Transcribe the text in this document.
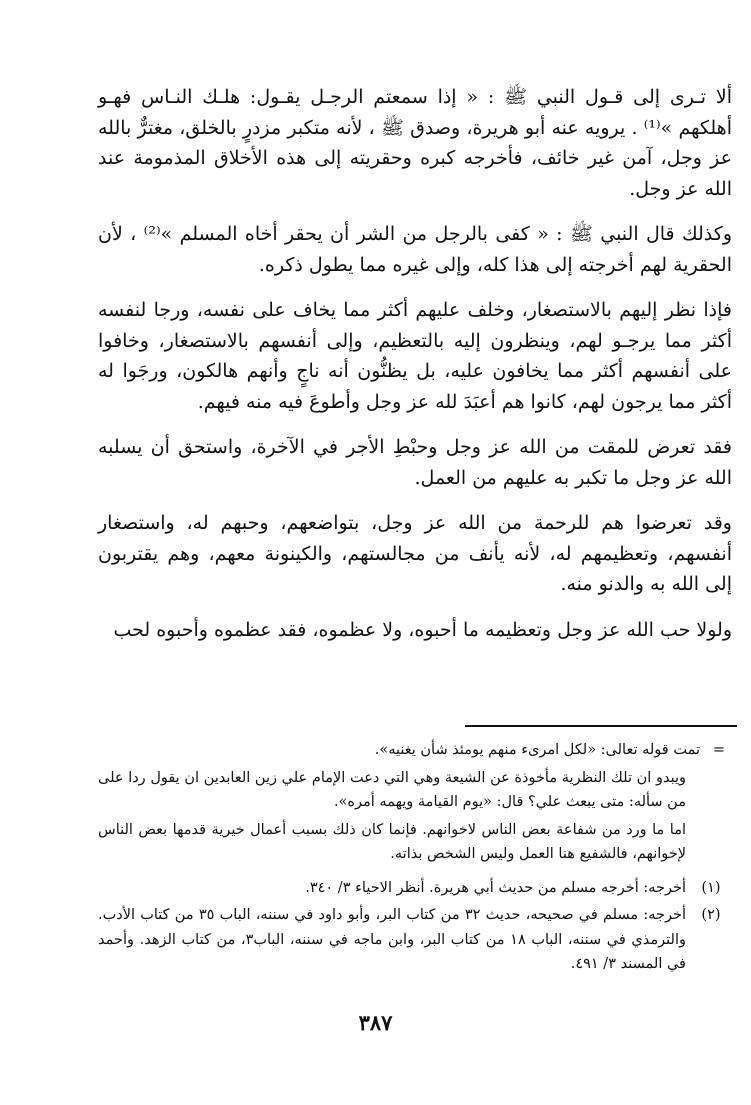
ألا تـرى إلى قـول النبي ﷺ : « إذا سمعتم الرجـل يقـول: هلـك النـاس فهـو أهلكهم »⁽¹⁾ . يرويه عنه أبو هريرة، وصدق ﷺ ، لأنه متكبر مزدرٍ بالخلق، مغترٌّ بالله عز وجل، آمن غير خائف، فأخرجه كبره وحقريته إلى هذه الأخلاق المذمومة عند الله عز وجل.

وكذلك قال النبي ﷺ : « كفى بالرجل من الشر أن يحقر أخاه المسلم »⁽²⁾ ، لأن الحقرية لهم أخرجته إلى هذا كله، وإلى غيره مما يطول ذكره.

فإذا نظر إليهم بالاستصغار، وخلف عليهم أكثر مما يخاف على نفسه، ورجا لنفسه أكثر مما يرجـو لهم، وينظرون إليه بالتعظيم، وإلى أنفسهم بالاستصغار، وخافوا على أنفسهم أكثر مما يخافون عليه، بل يظنُّون أنه ناجٍ وأنهم هالكون، ورجَوا له أكثر مما يرجون لهم، كانوا هم أعبَدَ لله عز وجل وأطوعَ فيه منه فيهم.

فقد تعرض للمقت من الله عز وجل وحبْطِ الأجر في الآخرة، واستحق أن يسلبه الله عز وجل ما تكبر به عليهم من العمل.

وقد تعرضوا هم للرحمة من الله عز وجل، بتواضعهم، وحبهم له، واستصغار أنفسهم، وتعظيمهم له، لأنه يأنف من مجالستهم، والكينونة معهم، وهم يقتربون إلى الله به والدنو منه.

ولولا حب الله عز وجل وتعظيمه ما أحبوه، ولا عظموه، فقد عظموه وأحبوه لحب

=
تمت قوله تعالى: «لكل امرىء منهم يومئذ شأن يغنيه».
ويبدو ان تلك النظرية مأخوذة عن الشيعة وهي التي دعت الإمام علي زين العابدين ان يقول ردا على من سأله: متى يبعث علي؟ قال: «يوم القيامة ويهمه أمره».
اما ما ورد من شفاعة بعض الناس لاخوانهم. فإنما كان ذلك بسبب أعمال خيرية قدمها بعض الناس لإخوانهم، فالشفيع هنا العمل وليس الشخص بذاته.
(١)
أخرجه: أخرجه مسلم من حديث أبي هريرة. أنظر الاحياء ٣/ ٣٤٠.
(٢)
أخرجه: مسلم في صحيحه، حديث ٣٢ من كتاب البر، وأبو داود في سننه، الباب ٣٥ من كتاب الأدب. والترمذي في سننه، الباب ١٨ من كتاب البر، وابن ماجه في سننه، الباب٣، من كتاب الزهد. وأحمد في المسند ٣/ ٤٩١.
٣٨٧
